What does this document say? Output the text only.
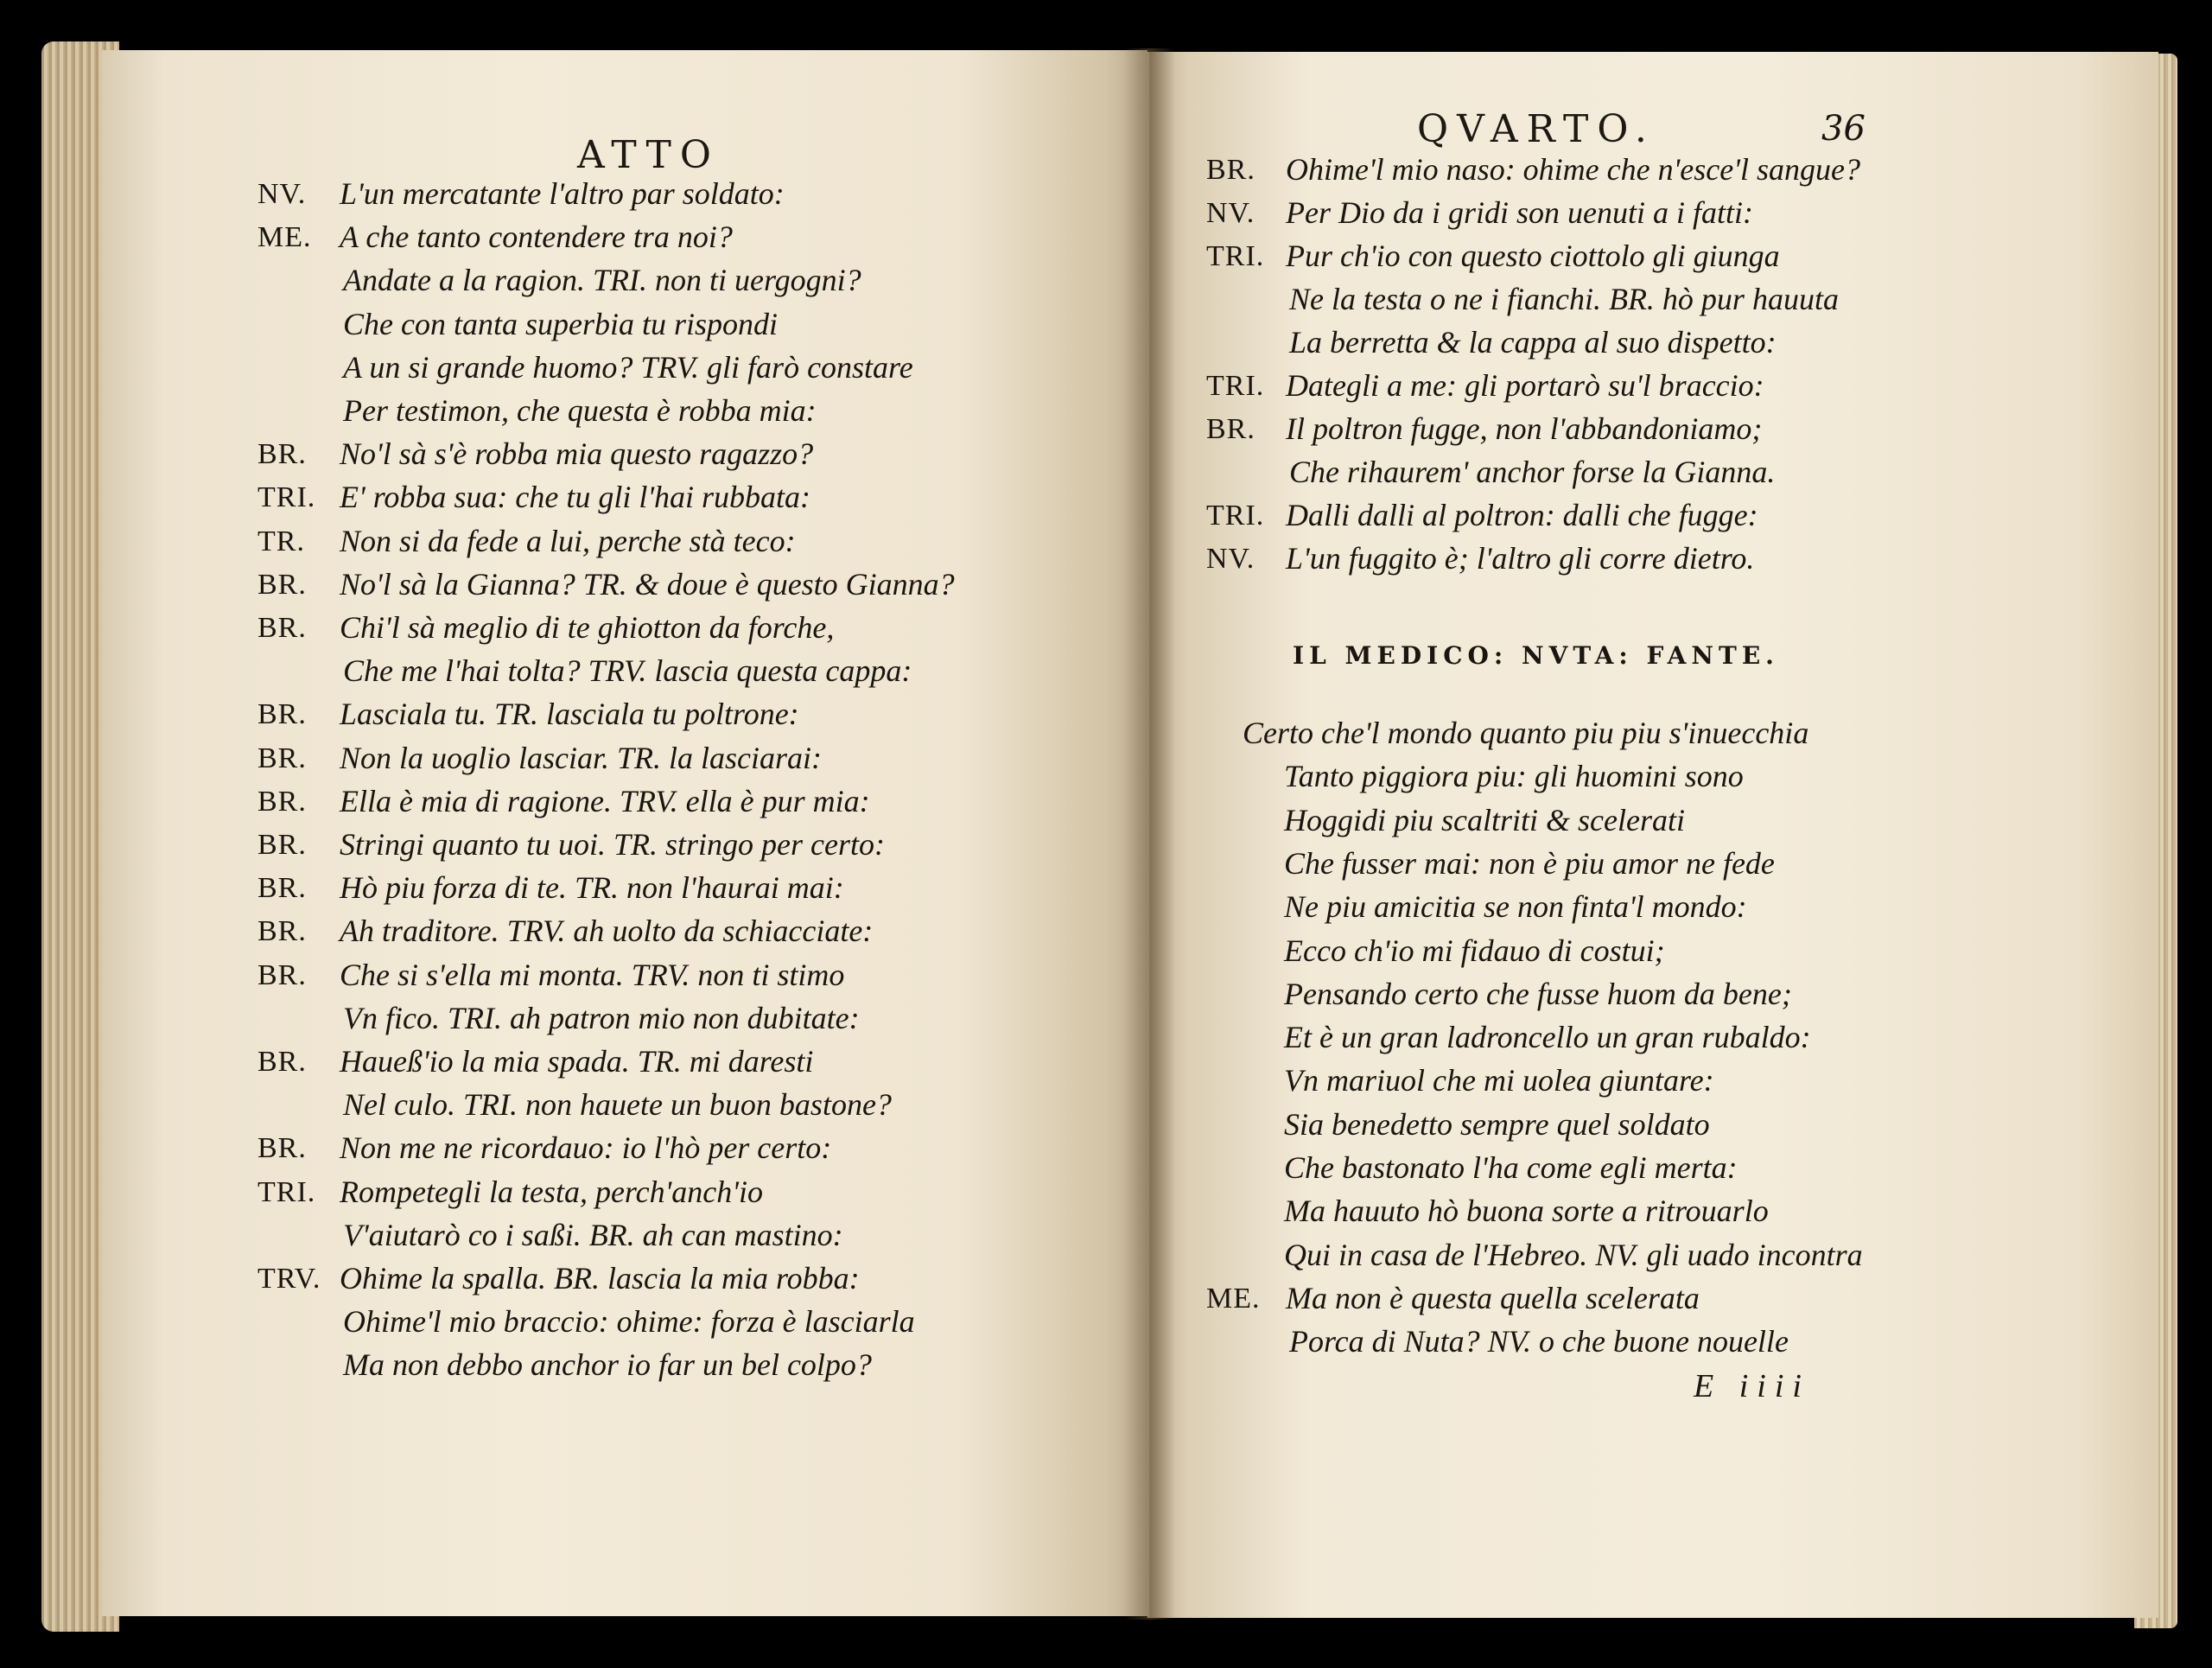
ATTO
NV. L'un mercatante l'altro par soldato:
ME. A che tanto contendere tra noi?
Andate a la ragion. TRI. non ti uergogni?
Che con tanta superbia tu rispondi
A un si grande huomo? TRV. gli farò constare
Per testimon, che questa è robba mia:
BR. No'l sà s'è robba mia questo ragazzo?
TRI. E' robba sua: che tu gli l'hai rubbata:
TR. Non si da fede a lui, perche stà teco:
BR. No'l sà la Gianna? TR. & doue è questo Gianna?
BR. Chi'l sà meglio di te ghiotton da forche,
Che me l'hai tolta? TRV. lascia questa cappa:
BR. Lasciala tu. TR. lasciala tu poltrone:
BR. Non la uoglio lasciar. TR. la lasciarai:
BR. Ella è mia di ragione. TRV. ella è pur mia:
BR. Stringi quanto tu uoi. TR. stringo per certo:
BR. Hò piu forza di te. TR. non l'haurai mai:
BR. Ah traditore. TRV. ah uolto da schiacciate:
BR. Che si s'ella mi monta. TRV. non ti stimo
Vn fico. TRI. ah patron mio non dubitate:
BR. Haueß'io la mia spada. TR. mi daresti
Nel culo. TRI. non hauete un buon bastone?
BR. Non me ne ricordauo: io l'hò per certo:
TRI. Rompetegli la testa, perch'anch'io
V'aiutarò co i saßi. BR. ah can mastino:
TRV. Ohime la spalla. BR. lascia la mia robba:
Ohime'l mio braccio: ohime: forza è lasciarla
Ma non debbo anchor io far un bel colpo?
QVARTO.	36
BR. Ohime'l mio naso: ohime che n'esce'l sangue?
NV. Per Dio da i gridi son uenuti a i fatti:
TRI. Pur ch'io con questo ciottolo gli giunga
Ne la testa o ne i fianchi. BR. hò pur hauuta
La berretta & la cappa al suo dispetto:
TRI. Dategli a me: gli portarò su'l braccio:
BR. Il poltron fugge, non l'abbandoniamo;
Che rihaurem' anchor forse la Gianna.
TRI. Dalli dalli al poltron: dalli che fugge:
NV. L'un fuggito è; l'altro gli corre dietro.
IL MEDICO: NVTA: FANTE.
Certo che'l mondo quanto piu piu s'inuecchia
Tanto piggiora piu: gli huomini sono
Hoggidi piu scaltriti & scelerati
Che fusser mai: non è piu amor ne fede
Ne piu amicitia se non finta'l mondo:
Ecco ch'io mi fidauo di costui;
Pensando certo che fusse huom da bene;
Et è un gran ladroncello un gran rubaldo:
Vn mariuol che mi uolea giuntare:
Sia benedetto sempre quel soldato
Che bastonato l'ha come egli merta:
Ma hauuto hò buona sorte a ritrouarlo
Qui in casa de l'Hebreo. NV. gli uado incontra
ME. Ma non è questa quella scelerata
Porca di Nuta? NV. o che buone nouelle
E iiii
